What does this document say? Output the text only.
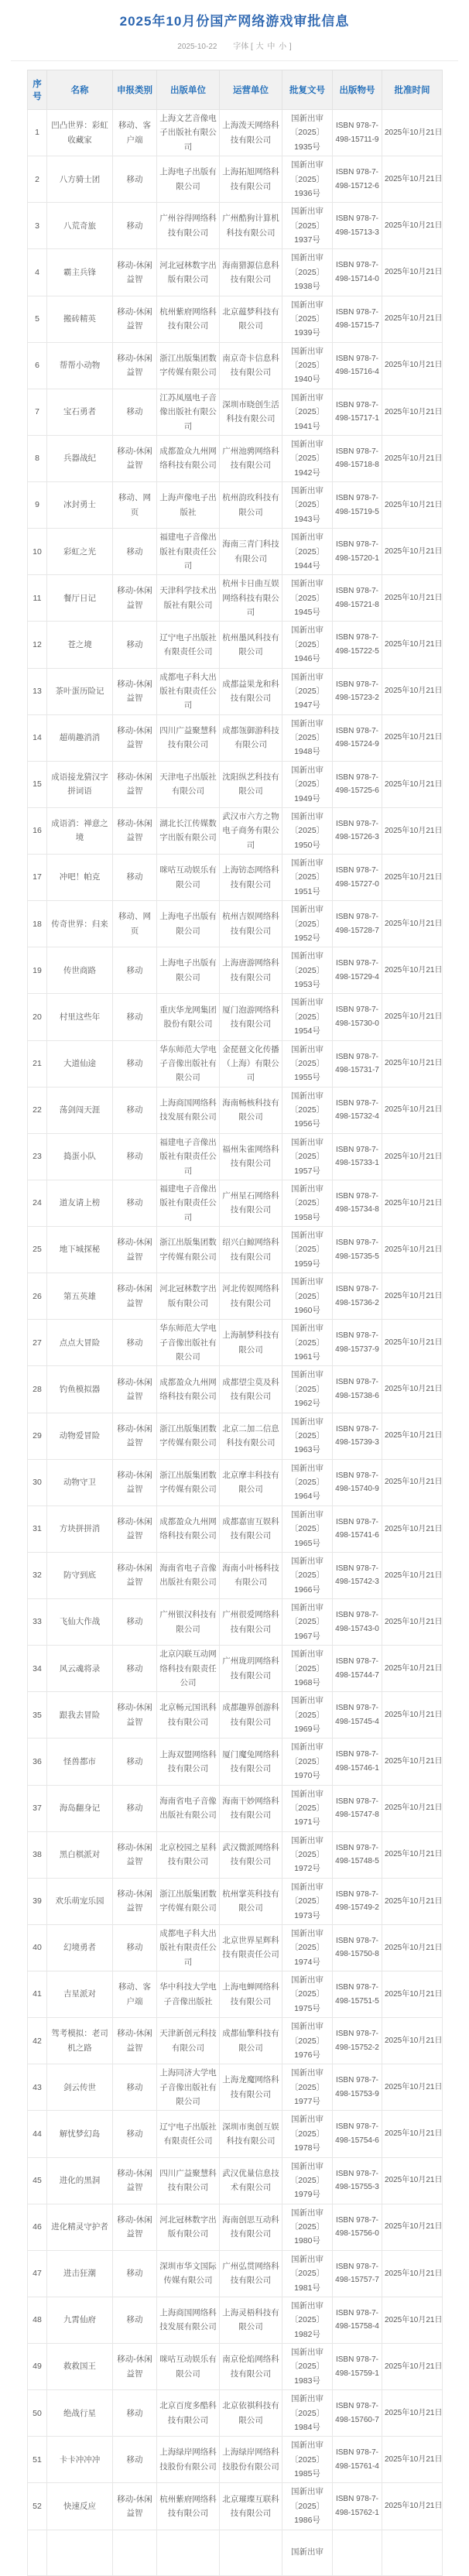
2025年10月份国产网络游戏审批信息
2025-10-22 字体 [ 大 中 小 ]
序号	名称	申报类别	出版单位	运营单位	批复文号	出版物号	批准时间
1	凹凸世界：彩虹收藏家	移动、客户端	上海文艺音像电子出版社有限公司	上海泼天网络科技有限公司	国新出审〔2025〕1935号	ISBN 978-7-498-15711-9	2025年10月21日
2	八方骑士团	移动	上海电子出版有限公司	上海拓旭网络科技有限公司	国新出审〔2025〕1936号	ISBN 978-7-498-15712-6	2025年10月21日
3	八荒奇旅	移动	广州谷得网络科技有限公司	广州酷狗计算机科技有限公司	国新出审〔2025〕1937号	ISBN 978-7-498-15713-3	2025年10月21日
4	霸主兵锋	移动-休闲益智	河北冠林数字出版有限公司	海南猎源信息科技有限公司	国新出审〔2025〕1938号	ISBN 978-7-498-15714-0	2025年10月21日
5	搬砖精英	移动-休闲益智	杭州紫府网络科技有限公司	北京蕴梦科技有限公司	国新出审〔2025〕1939号	ISBN 978-7-498-15715-7	2025年10月21日
6	帮帮小动物	移动-休闲益智	浙江出版集团数字传媒有限公司	南京奇卡信息科技有限公司	国新出审〔2025〕1940号	ISBN 978-7-498-15716-4	2025年10月21日
7	宝石勇者	移动	江苏凤凰电子音像出版社有限公司	深圳市晓创生活科技有限公司	国新出审〔2025〕1941号	ISBN 978-7-498-15717-1	2025年10月21日
8	兵器战纪	移动-休闲益智	成都盈众九州网络科技有限公司	广州池骋网络科技有限公司	国新出审〔2025〕1942号	ISBN 978-7-498-15718-8	2025年10月21日
9	冰封勇士	移动、网页	上海声像电子出版社	杭州韵玫科技有限公司	国新出审〔2025〕1943号	ISBN 978-7-498-15719-5	2025年10月21日
10	彩虹之光	移动	福建电子音像出版社有限责任公司	海南三青门科技有限公司	国新出审〔2025〕1944号	ISBN 978-7-498-15720-1	2025年10月21日
11	餐厅日记	移动-休闲益智	天津科学技术出版社有限公司	杭州卡日曲互娱网络科技有限公司	国新出审〔2025〕1945号	ISBN 978-7-498-15721-8	2025年10月21日
12	苍之境	移动	辽宁电子出版社有限责任公司	杭州墨风科技有限公司	国新出审〔2025〕1946号	ISBN 978-7-498-15722-5	2025年10月21日
13	茶叶蛋历险记	移动-休闲益智	成都电子科大出版社有限责任公司	成都益果龙和科技有限公司	国新出审〔2025〕1947号	ISBN 978-7-498-15723-2	2025年10月21日
14	超萌趣消消	移动-休闲益智	四川广益聚慧科技有限公司	成都瓴御游科技有限公司	国新出审〔2025〕1948号	ISBN 978-7-498-15724-9	2025年10月21日
15	成语接龙猜汉字拼词语	移动-休闲益智	天津电子出版社有限公司	沈阳纵艺科技有限公司	国新出审〔2025〕1949号	ISBN 978-7-498-15725-6	2025年10月21日
16	成语消：禅意之境	移动-休闲益智	湖北长江传媒数字出版有限公司	武汉市六方之物电子商务有限公司	国新出审〔2025〕1950号	ISBN 978-7-498-15726-3	2025年10月21日
17	冲吧！帕克	移动	咪咕互动娱乐有限公司	上海钫态网络科技有限公司	国新出审〔2025〕1951号	ISBN 978-7-498-15727-0	2025年10月21日
18	传奇世界：归来	移动、网页	上海电子出版有限公司	杭州吉娱网络科技有限公司	国新出审〔2025〕1952号	ISBN 978-7-498-15728-7	2025年10月21日
19	传世商路	移动	上海电子出版有限公司	上海唐游网络科技有限公司	国新出审〔2025〕1953号	ISBN 978-7-498-15729-4	2025年10月21日
20	村里这些年	移动	重庆华龙网集团股份有限公司	厦门泡游网络科技有限公司	国新出审〔2025〕1954号	ISBN 978-7-498-15730-0	2025年10月21日
21	大道仙途	移动	华东师范大学电子音像出版社有限公司	金琵琶文化传播（上海）有限公司	国新出审〔2025〕1955号	ISBN 978-7-498-15731-7	2025年10月21日
22	荡剑闯天涯	移动	上海商国网络科技发展有限公司	海南畅核科技有限公司	国新出审〔2025〕1956号	ISBN 978-7-498-15732-4	2025年10月21日
23	捣蛋小队	移动	福建电子音像出版社有限责任公司	福州朱雀网络科技有限公司	国新出审〔2025〕1957号	ISBN 978-7-498-15733-1	2025年10月21日
24	道友请上榜	移动	福建电子音像出版社有限责任公司	广州星石网络科技有限公司	国新出审〔2025〕1958号	ISBN 978-7-498-15734-8	2025年10月21日
25	地下城探秘	移动-休闲益智	浙江出版集团数字传媒有限公司	绍兴白鲸网络科技有限公司	国新出审〔2025〕1959号	ISBN 978-7-498-15735-5	2025年10月21日
26	第五英雄	移动-休闲益智	河北冠林数字出版有限公司	河北传娱网络科技有限公司	国新出审〔2025〕1960号	ISBN 978-7-498-15736-2	2025年10月21日
27	点点大冒险	移动	华东师范大学电子音像出版社有限公司	上海制梦科技有限公司	国新出审〔2025〕1961号	ISBN 978-7-498-15737-9	2025年10月21日
28	钓鱼模拟器	移动-休闲益智	成都盈众九州网络科技有限公司	成都望尘莫及科技有限公司	国新出审〔2025〕1962号	ISBN 978-7-498-15738-6	2025年10月21日
29	动物爱冒险	移动-休闲益智	浙江出版集团数字传媒有限公司	北京二加二信息科技有限公司	国新出审〔2025〕1963号	ISBN 978-7-498-15739-3	2025年10月21日
30	动物守卫	移动-休闲益智	浙江出版集团数字传媒有限公司	北京摩丰科技有限公司	国新出审〔2025〕1964号	ISBN 978-7-498-15740-9	2025年10月21日
31	方块拼拼消	移动-休闲益智	成都盈众九州网络科技有限公司	成都嘉宙互娱科技有限公司	国新出审〔2025〕1965号	ISBN 978-7-498-15741-6	2025年10月21日
32	防守到底	移动-休闲益智	海南省电子音像出版社有限公司	海南小叶杨科技有限公司	国新出审〔2025〕1966号	ISBN 978-7-498-15742-3	2025年10月21日
33	飞仙大作战	移动	广州银汉科技有限公司	广州很爱网络科技有限公司	国新出审〔2025〕1967号	ISBN 978-7-498-15743-0	2025年10月21日
34	风云魂将录	移动	北京闪联互动网络科技有限责任公司	广州珑玥网络科技有限公司	国新出审〔2025〕1968号	ISBN 978-7-498-15744-7	2025年10月21日
35	跟我去冒险	移动-休闲益智	北京畅元国讯科技有限公司	成都趣界创游科技有限公司	国新出审〔2025〕1969号	ISBN 978-7-498-15745-4	2025年10月21日
36	怪兽都市	移动	上海双盟网络科技有限公司	厦门魔兔网络科技有限公司	国新出审〔2025〕1970号	ISBN 978-7-498-15746-1	2025年10月21日
37	海岛翻身记	移动	海南省电子音像出版社有限公司	海南干妙网络科技有限公司	国新出审〔2025〕1971号	ISBN 978-7-498-15747-8	2025年10月21日
38	黑白棋派对	移动-休闲益智	北京校园之星科技有限公司	武汉微派网络科技有限公司	国新出审〔2025〕1972号	ISBN 978-7-498-15748-5	2025年10月21日
39	欢乐萌宠乐园	移动-休闲益智	浙江出版集团数字传媒有限公司	杭州掌英科技有限公司	国新出审〔2025〕1973号	ISBN 978-7-498-15749-2	2025年10月21日
40	幻境勇者	移动	成都电子科大出版社有限责任公司	北京世界星辉科技有限责任公司	国新出审〔2025〕1974号	ISBN 978-7-498-15750-8	2025年10月21日
41	吉星派对	移动、客户端	华中科技大学电子音像出版社	上海电蝉网络科技有限公司	国新出审〔2025〕1975号	ISBN 978-7-498-15751-5	2025年10月21日
42	驾考模拟：老司机之路	移动-休闲益智	天津新创元科技有限公司	成都仙擎科技有限公司	国新出审〔2025〕1976号	ISBN 978-7-498-15752-2	2025年10月21日
43	剑云传世	移动	上海同济大学电子音像出版社有限公司	上海龙魔网络科技有限公司	国新出审〔2025〕1977号	ISBN 978-7-498-15753-9	2025年10月21日
44	解忧梦幻岛	移动	辽宁电子出版社有限责任公司	深圳市奥创互娱科技有限公司	国新出审〔2025〕1978号	ISBN 978-7-498-15754-6	2025年10月21日
45	进化的黑洞	移动-休闲益智	四川广益聚慧科技有限公司	武汉优量信息技术有限公司	国新出审〔2025〕1979号	ISBN 978-7-498-15755-3	2025年10月21日
46	进化精灵守护者	移动-休闲益智	河北冠林数字出版有限公司	海南创思互动科技有限公司	国新出审〔2025〕1980号	ISBN 978-7-498-15756-0	2025年10月21日
47	进击狂潮	移动	深圳市华文国际传媒有限公司	广州弘贯网络科技有限公司	国新出审〔2025〕1981号	ISBN 978-7-498-15757-7	2025年10月21日
48	九霄仙府	移动	上海商国网络科技发展有限公司	上海灵梧科技有限公司	国新出审〔2025〕1982号	ISBN 978-7-498-15758-4	2025年10月21日
49	救救国王	移动-休闲益智	咪咕互动娱乐有限公司	南京伦焰网络科技有限公司	国新出审〔2025〕1983号	ISBN 978-7-498-15759-1	2025年10月21日
50	绝战行星	移动	北京百度多酷科技有限公司	北京依祺科技有限公司	国新出审〔2025〕1984号	ISBN 978-7-498-15760-7	2025年10月21日
51	卡卡冲冲冲	移动	上海绿岸网络科技股份有限公司	上海绿岸网络科技股份有限公司	国新出审〔2025〕1985号	ISBN 978-7-498-15761-4	2025年10月21日
52	快速反应	移动-休闲益智	杭州紫府网络科技有限公司	北京璀璨互联科技有限公司	国新出审〔2025〕1986号	ISBN 978-7-498-15762-1	2025年10月21日
					国新出审		
